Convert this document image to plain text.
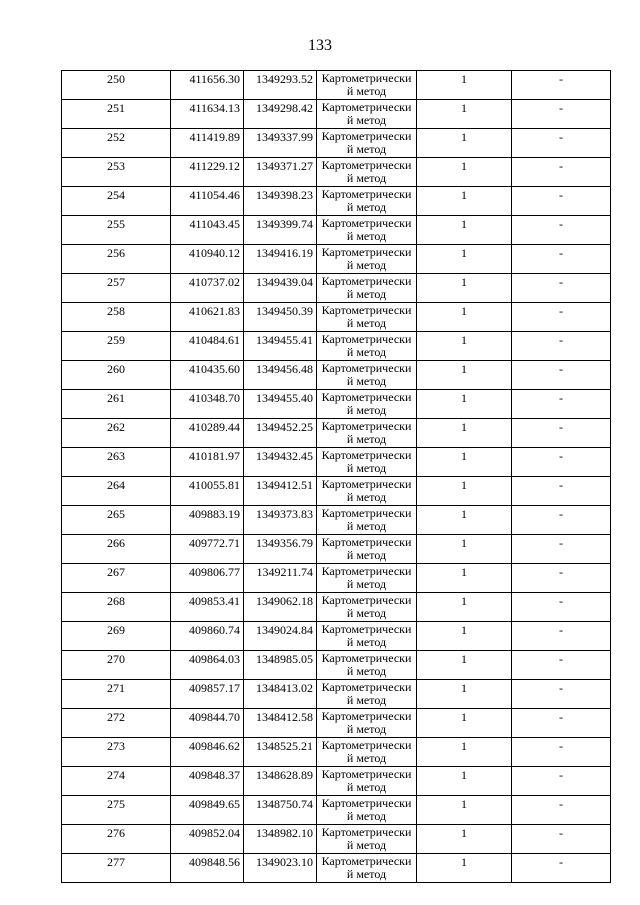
133
250	411656.30	1349293.52	Картометрически
й метод	1	-
251	411634.13	1349298.42	Картометрически
й метод	1	-
252	411419.89	1349337.99	Картометрически
й метод	1	-
253	411229.12	1349371.27	Картометрически
й метод	1	-
254	411054.46	1349398.23	Картометрически
й метод	1	-
255	411043.45	1349399.74	Картометрически
й метод	1	-
256	410940.12	1349416.19	Картометрически
й метод	1	-
257	410737.02	1349439.04	Картометрически
й метод	1	-
258	410621.83	1349450.39	Картометрически
й метод	1	-
259	410484.61	1349455.41	Картометрически
й метод	1	-
260	410435.60	1349456.48	Картометрически
й метод	1	-
261	410348.70	1349455.40	Картометрически
й метод	1	-
262	410289.44	1349452.25	Картометрически
й метод	1	-
263	410181.97	1349432.45	Картометрически
й метод	1	-
264	410055.81	1349412.51	Картометрически
й метод	1	-
265	409883.19	1349373.83	Картометрически
й метод	1	-
266	409772.71	1349356.79	Картометрически
й метод	1	-
267	409806.77	1349211.74	Картометрически
й метод	1	-
268	409853.41	1349062.18	Картометрически
й метод	1	-
269	409860.74	1349024.84	Картометрически
й метод	1	-
270	409864.03	1348985.05	Картометрически
й метод	1	-
271	409857.17	1348413.02	Картометрически
й метод	1	-
272	409844.70	1348412.58	Картометрически
й метод	1	-
273	409846.62	1348525.21	Картометрически
й метод	1	-
274	409848.37	1348628.89	Картометрически
й метод	1	-
275	409849.65	1348750.74	Картометрически
й метод	1	-
276	409852.04	1348982.10	Картометрически
й метод	1	-
277	409848.56	1349023.10	Картометрически
й метод	1	-
